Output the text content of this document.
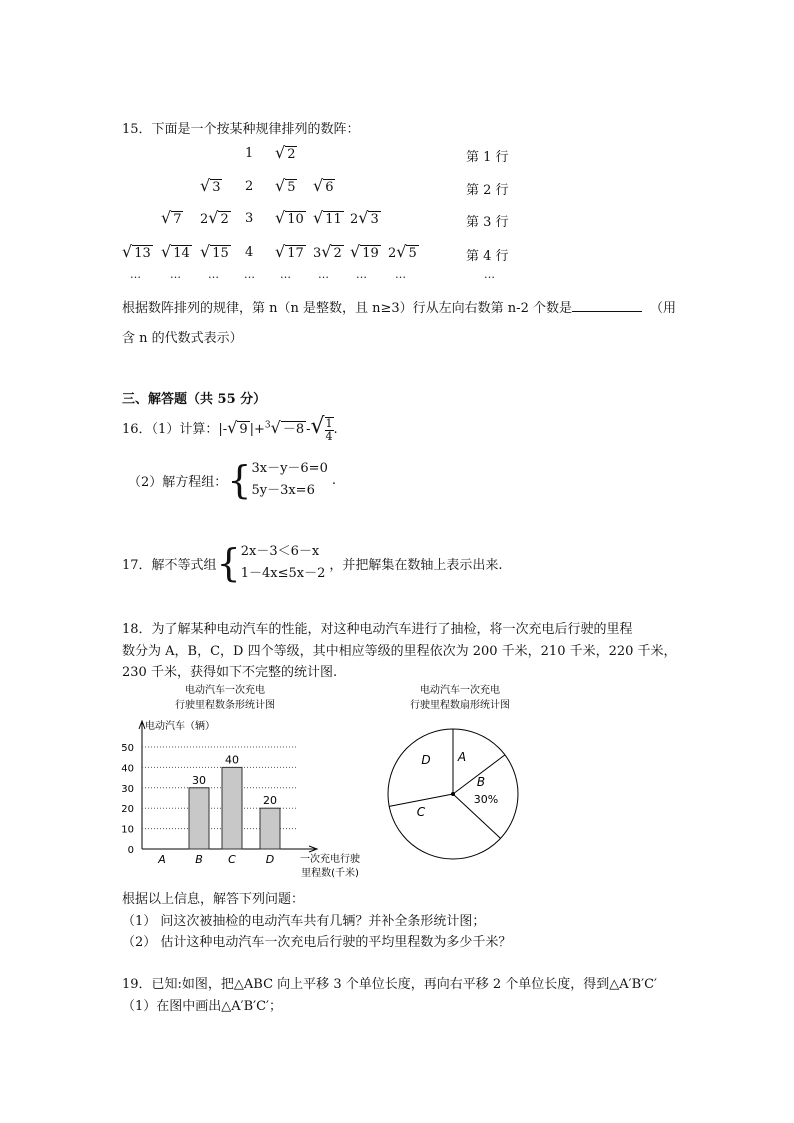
15．下面是一个按某种规律排列的数阵：
1 √ 2
√ 3 2 √ 5 √ 6
√ 7 2√ 2 3 √ 10 √ 11 2√ 3
√ 13 √ 14 √ 15 4 √ 17 3√ 2 √ 19 2√ 5
第 1 行
第 2 行
第 3 行
第 4 行
…	… … … … … …	…	…
根据数阵排列的规律，第 n（n 是整数，且 n≥3）行从左向右数第 n-2 个数是	（用
含 n 的代数式表示）
三、解答题（共 55 分）
16．（1）计算：|-√ 9 |+$^3$√ －8 -√ $\frac{1}{4}$ .
（2）解方程组： { 3x－y－6=0
5y－3x=6
.
17．解不等式组 { 2x－3＜6－x
1－4x≤5x－2
，并把解集在数轴上表示出来.
18．为了解某种电动汽车的性能，对这种电动汽车进行了抽检，将一次充电后行驶的里程
数分为 A，B，C，D 四个等级，其中相应等级的里程依次为 200 千米，210 千米，220 千米，
230 千米，获得如下不完整的统计图.
电动汽车一次充电
行驶里程数条形统计图
电动汽车（辆）
0
10
20
30
40
50
A
30
B
40
C
20
D	一次充电行驶
里程数(千米)
电动汽车一次充电
行驶里程数扇形统计图
A
B
C
D
30%
根据以上信息，解答下列问题：
（1） 问这次被抽检的电动汽车共有几辆？并补全条形统计图；
（2） 估计这种电动汽车一次充电后行驶的平均里程数为多少千米？
19．已知:如图，把△ABC 向上平移 3 个单位长度，再向右平移 2 个单位长度，得到△A′B′C′
（1）在图中画出△A′B′C′；
